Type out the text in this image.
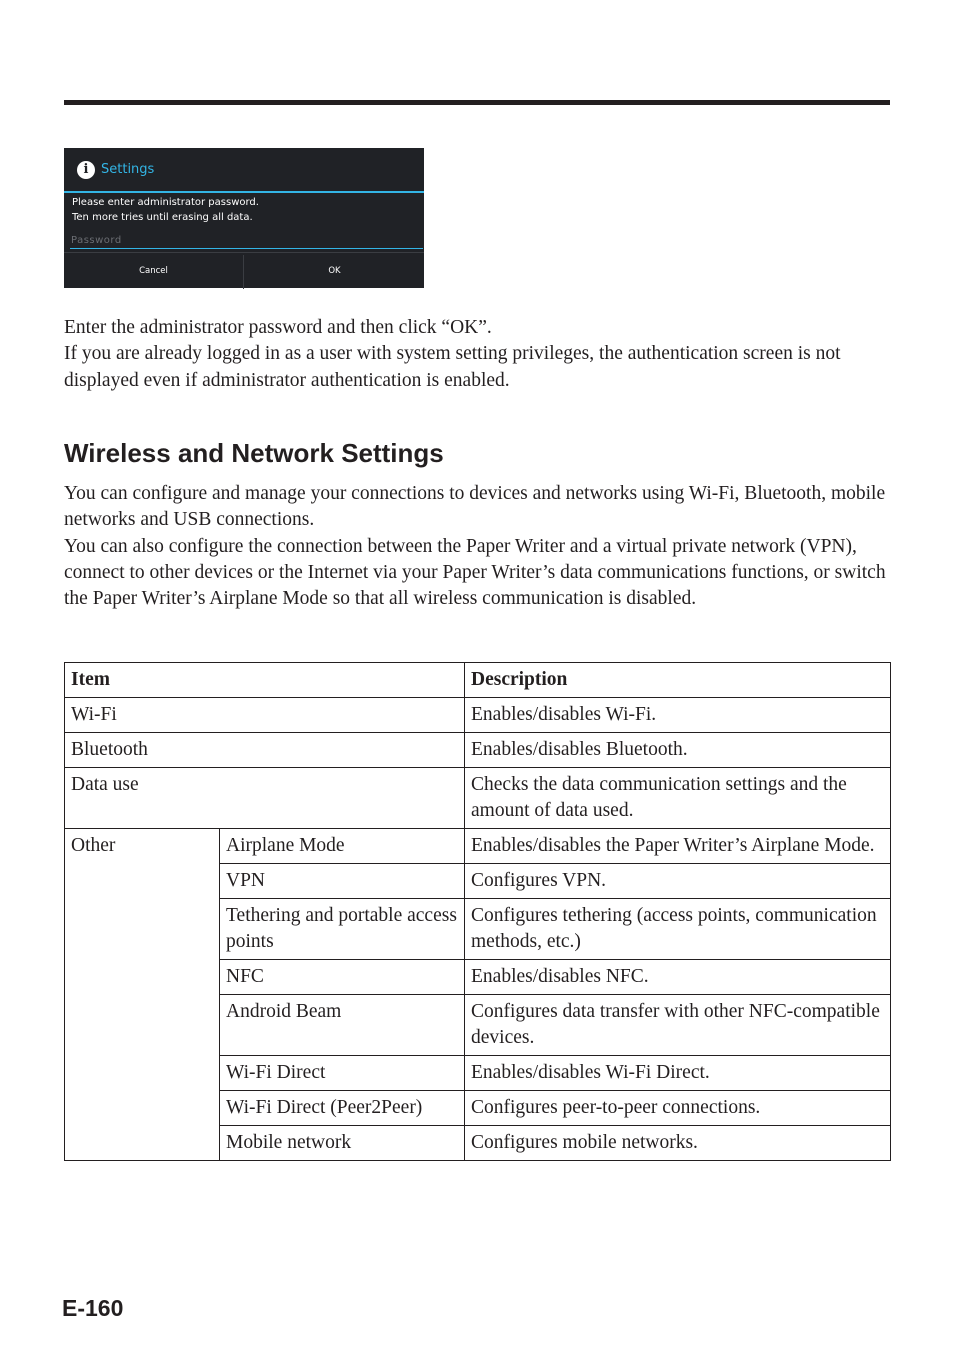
i Settings
Please enter administrator password.
Ten more tries until erasing all data.
Cancel	OK
Enter the administrator password and then click “OK”.
If you are already logged in as a user with system setting privileges, the authentication screen is not displayed even if administrator authentication is enabled.
Wireless and Network Settings
You can configure and manage your connections to devices and networks using Wi-Fi, Bluetooth, mobile networks and USB connections.
You can also configure the connection between the Paper Writer and a virtual private network (VPN), connect to other devices or the Internet via your Paper Writer’s data communications functions, or switch the Paper Writer’s Airplane Mode so that all wireless communication is disabled.
Item		Description
Wi-Fi		Enables/disables Wi-Fi.
Bluetooth		Enables/disables Bluetooth.
Data use		Checks the data communication settings and the amount of data used.
Other	Airplane Mode	Enables/disables the Paper Writer’s Airplane Mode.
	VPN	Configures VPN.
	Tethering and portable access points	Configures tethering (access points, communication methods, etc.)
	NFC	Enables/disables NFC.
	Android Beam	Configures data transfer with other NFC-compatible devices.
	Wi-Fi Direct	Enables/disables Wi-Fi Direct.
	Wi-Fi Direct (Peer2Peer)	Configures peer-to-peer connections.
	Mobile network	Configures mobile networks.
E-160
